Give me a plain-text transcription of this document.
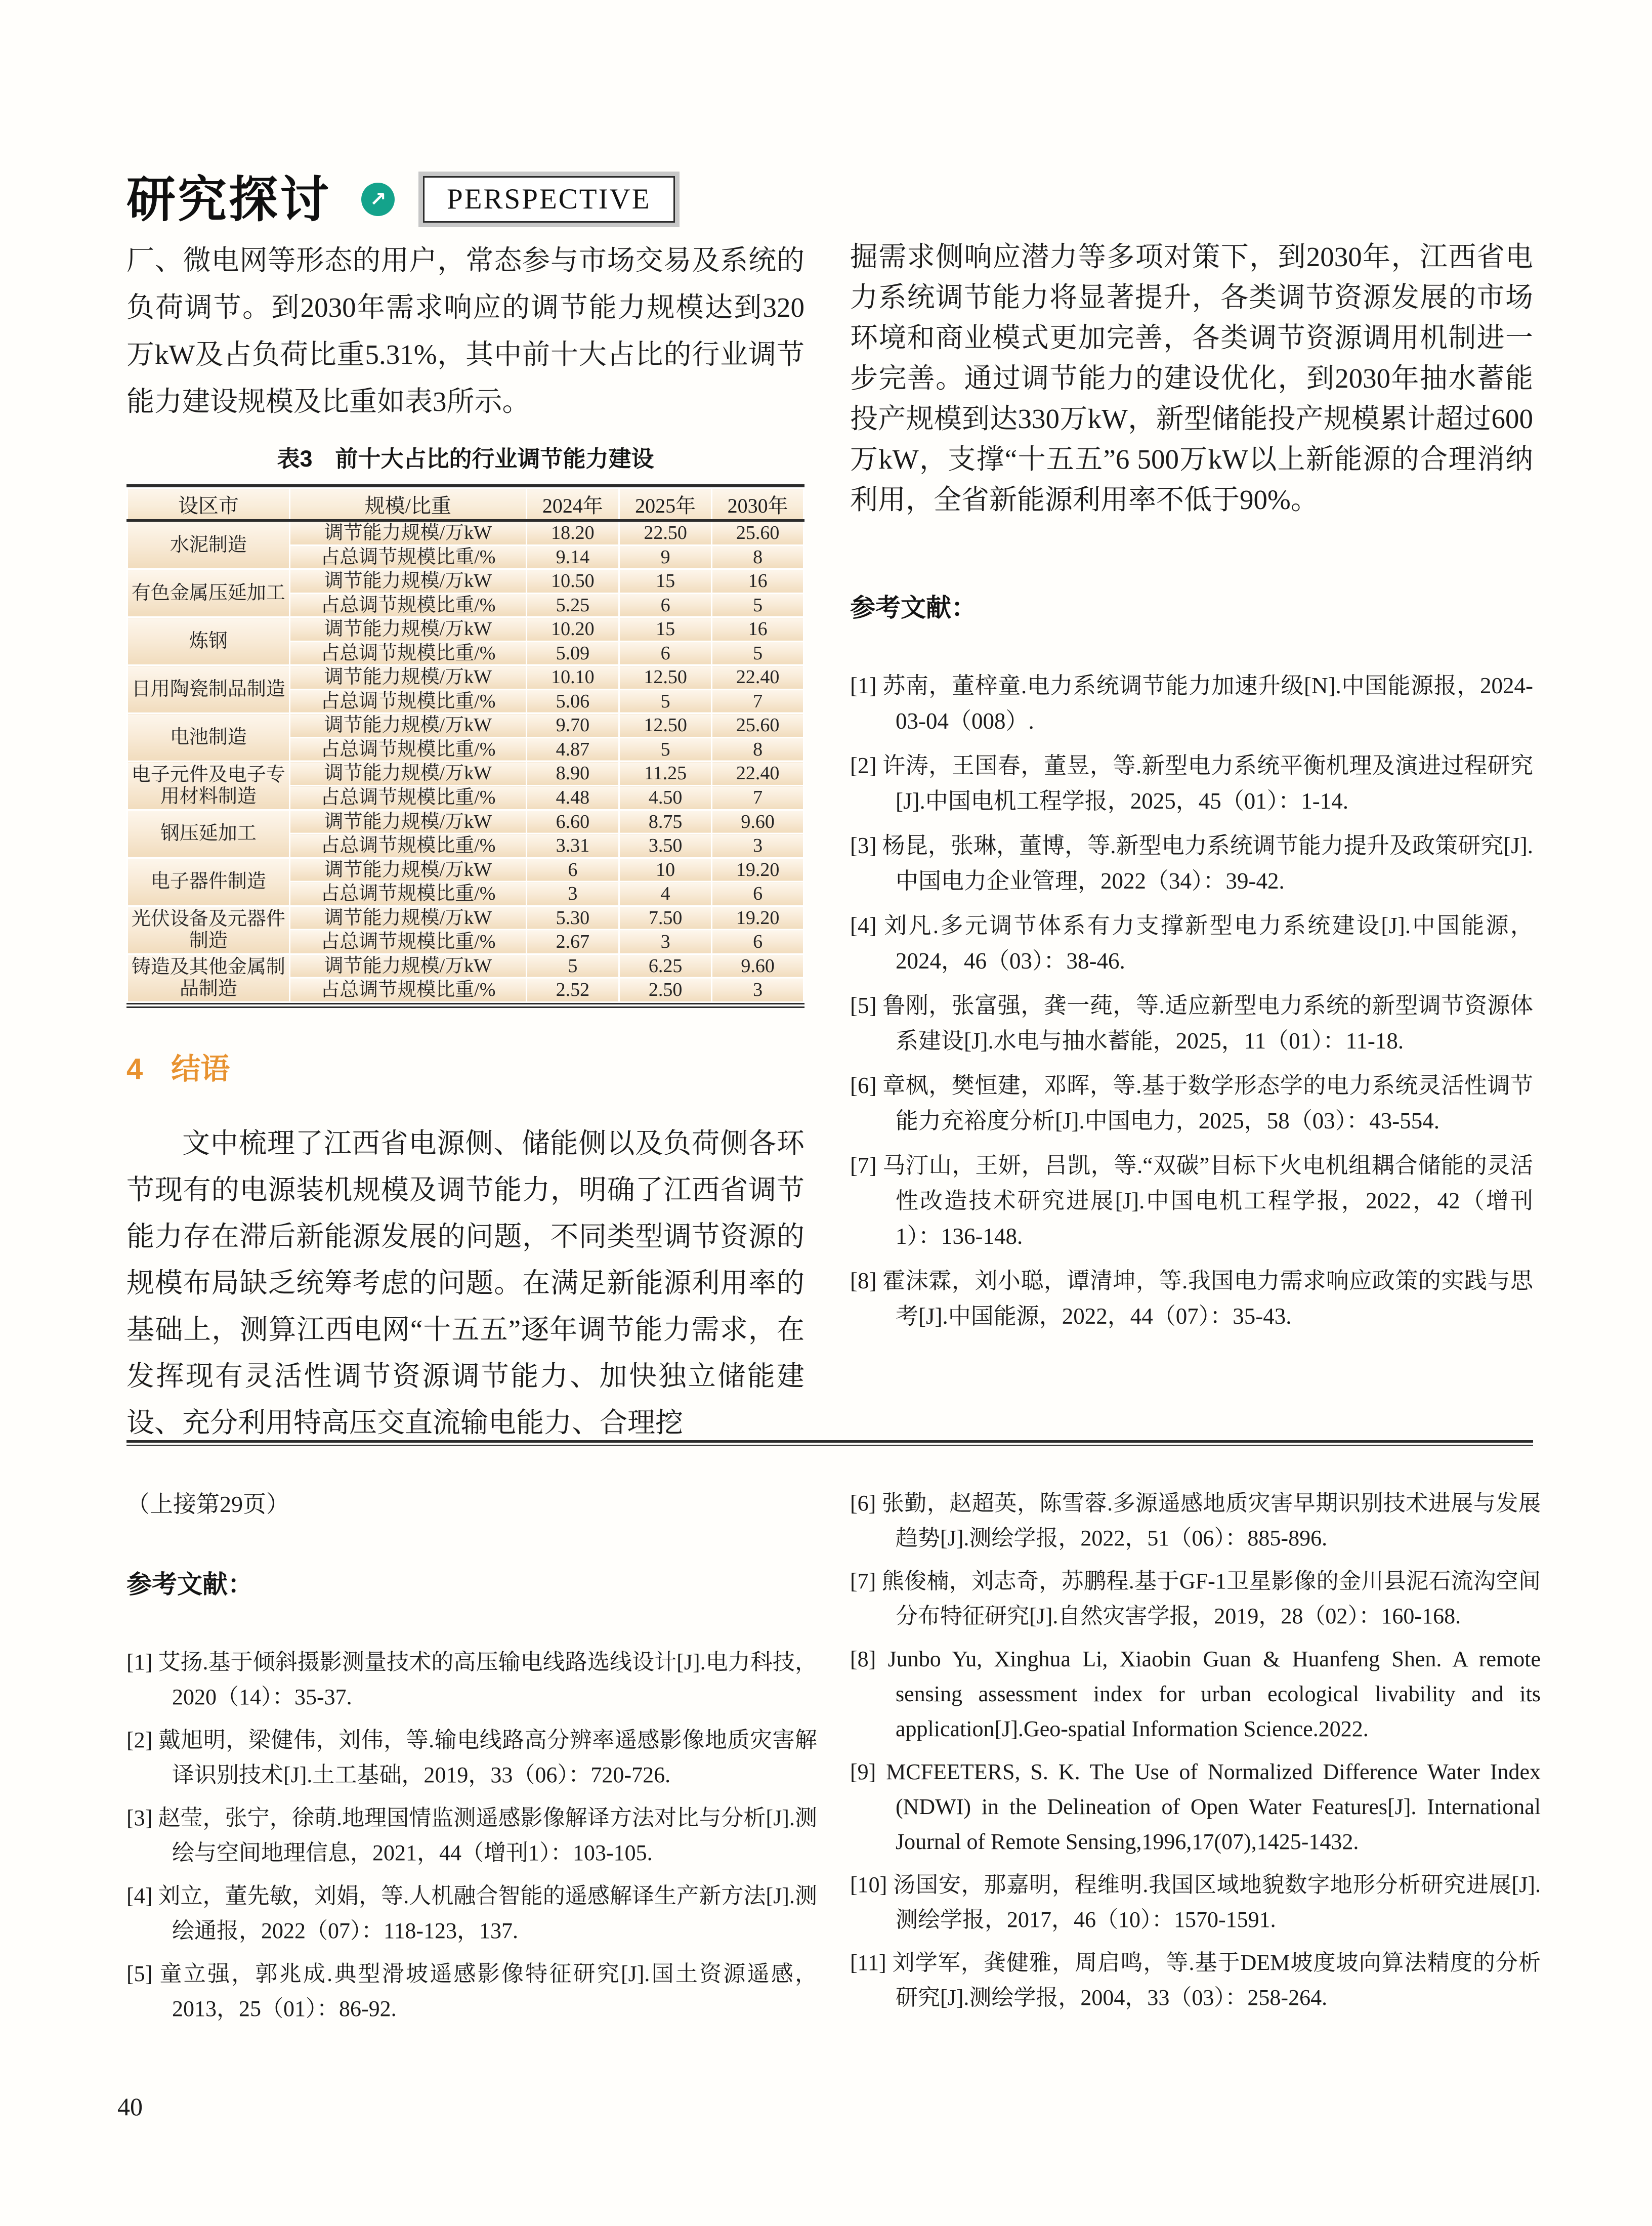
研究探讨 ↗	PERSPECTIVE

厂、微电网等形态的用户，常态参与市场交易及系统的负荷调节。到2030年需求响应的调节能力规模达到320万kW及占负荷比重5.31%，其中前十大占比的行业调节能力建设规模及比重如表3所示。

表3　前十大占比的行业调节能力建设
设区市	规模/比重	2024年	2025年	2030年
水泥制造	调节能力规模/万kW	18.20	22.50	25.60
	占总调节规模比重/%	9.14	9	8
有色金属压延加工	调节能力规模/万kW	10.50	15	16
	占总调节规模比重/%	5.25	6	5
炼钢	调节能力规模/万kW	10.20	15	16
	占总调节规模比重/%	5.09	6	5
日用陶瓷制品制造	调节能力规模/万kW	10.10	12.50	22.40
	占总调节规模比重/%	5.06	5	7
电池制造	调节能力规模/万kW	9.70	12.50	25.60
	占总调节规模比重/%	4.87	5	8
电子元件及电子专用材料制造	调节能力规模/万kW	8.90	11.25	22.40
	占总调节规模比重/%	4.48	4.50	7
钢压延加工	调节能力规模/万kW	6.60	8.75	9.60
	占总调节规模比重/%	3.31	3.50	3
电子器件制造	调节能力规模/万kW	6	10	19.20
	占总调节规模比重/%	3	4	6
光伏设备及元器件制造	调节能力规模/万kW	5.30	7.50	19.20
	占总调节规模比重/%	2.67	3	6
铸造及其他金属制品制造	调节能力规模/万kW	5	6.25	9.60
	占总调节规模比重/%	2.52	2.50	3
4 结语

文中梳理了江西省电源侧、储能侧以及负荷侧各环节现有的电源装机规模及调节能力，明确了江西省调节能力存在滞后新能源发展的问题，不同类型调节资源的规模布局缺乏统筹考虑的问题。在满足新能源利用率的基础上，测算江西电网“十五五”逐年调节能力需求，在发挥现有灵活性调节资源调节能力、加快独立储能建设、充分利用特高压交直流输电能力、合理挖

掘需求侧响应潜力等多项对策下，到2030年，江西省电力系统调节能力将显著提升，各类调节资源发展的市场环境和商业模式更加完善，各类调节资源调用机制进一步完善。通过调节能力的建设优化，到2030年抽水蓄能投产规模到达330万kW，新型储能投产规模累计超过600万kW，支撑“十五五”6 500万kW以上新能源的合理消纳利用，全省新能源利用率不低于90%。

参考文献：
[1] 苏南，董梓童.电力系统调节能力加速升级[N].中国能源报，2024-03-04（008）.
[2] 许涛，王国春，董昱，等.新型电力系统平衡机理及演进过程研究[J].中国电机工程学报，2025，45（01）：1-14.
[3] 杨昆，张琳，董博，等.新型电力系统调节能力提升及政策研究[J].中国电力企业管理，2022（34）：39-42.
[4] 刘凡.多元调节体系有力支撑新型电力系统建设[J].中国能源，2024，46（03）：38-46.
[5] 鲁刚，张富强，龚一莼，等.适应新型电力系统的新型调节资源体系建设[J].水电与抽水蓄能，2025，11（01）：11-18.
[6] 章枫，樊恒建，邓晖，等.基于数学形态学的电力系统灵活性调节能力充裕度分析[J].中国电力，2025，58（03）：43-554.
[7] 马汀山，王妍，吕凯，等.“双碳”目标下火电机组耦合储能的灵活性改造技术研究进展[J].中国电机工程学报，2022，42（增刊1）：136-148.
[8] 霍沫霖，刘小聪，谭清坤，等.我国电力需求响应政策的实践与思考[J].中国能源，2022，44（07）：35-43.

（上接第29页）

参考文献：
[1] 艾扬.基于倾斜摄影测量技术的高压输电线路选线设计[J].电力科技，2020（14）：35-37.
[2] 戴旭明，梁健伟，刘伟，等.输电线路高分辨率遥感影像地质灾害解译识别技术[J].土工基础，2019，33（06）：720-726.
[3] 赵莹，张宁，徐萌.地理国情监测遥感影像解译方法对比与分析[J].测绘与空间地理信息，2021，44（增刊1）：103-105.
[4] 刘立，董先敏，刘娟，等.人机融合智能的遥感解译生产新方法[J].测绘通报，2022（07）：118-123，137.
[5] 童立强，郭兆成.典型滑坡遥感影像特征研究[J].国土资源遥感，2013，25（01）：86-92.
[6] 张勤，赵超英，陈雪蓉.多源遥感地质灾害早期识别技术进展与发展趋势[J].测绘学报，2022，51（06）：885-896.
[7] 熊俊楠，刘志奇，苏鹏程.基于GF-1卫星影像的金川县泥石流沟空间分布特征研究[J].自然灾害学报，2019，28（02）：160-168.
[8] Junbo Yu, Xinghua Li, Xiaobin Guan & Huanfeng Shen. A remote sensing assessment index for urban ecological livability and its application[J].Geo-spatial Information Science.2022.
[9] MCFEETERS, S. K. The Use of Normalized Difference Water Index (NDWI) in the Delineation of Open Water Features[J]. International Journal of Remote Sensing,1996,17(07),1425-1432.
[10] 汤国安，那嘉明，程维明.我国区域地貌数字地形分析研究进展[J].测绘学报，2017，46（10）：1570-1591.
[11] 刘学军，龚健雅，周启鸣，等.基于DEM坡度坡向算法精度的分析研究[J].测绘学报，2004，33（03）：258-264.
40
